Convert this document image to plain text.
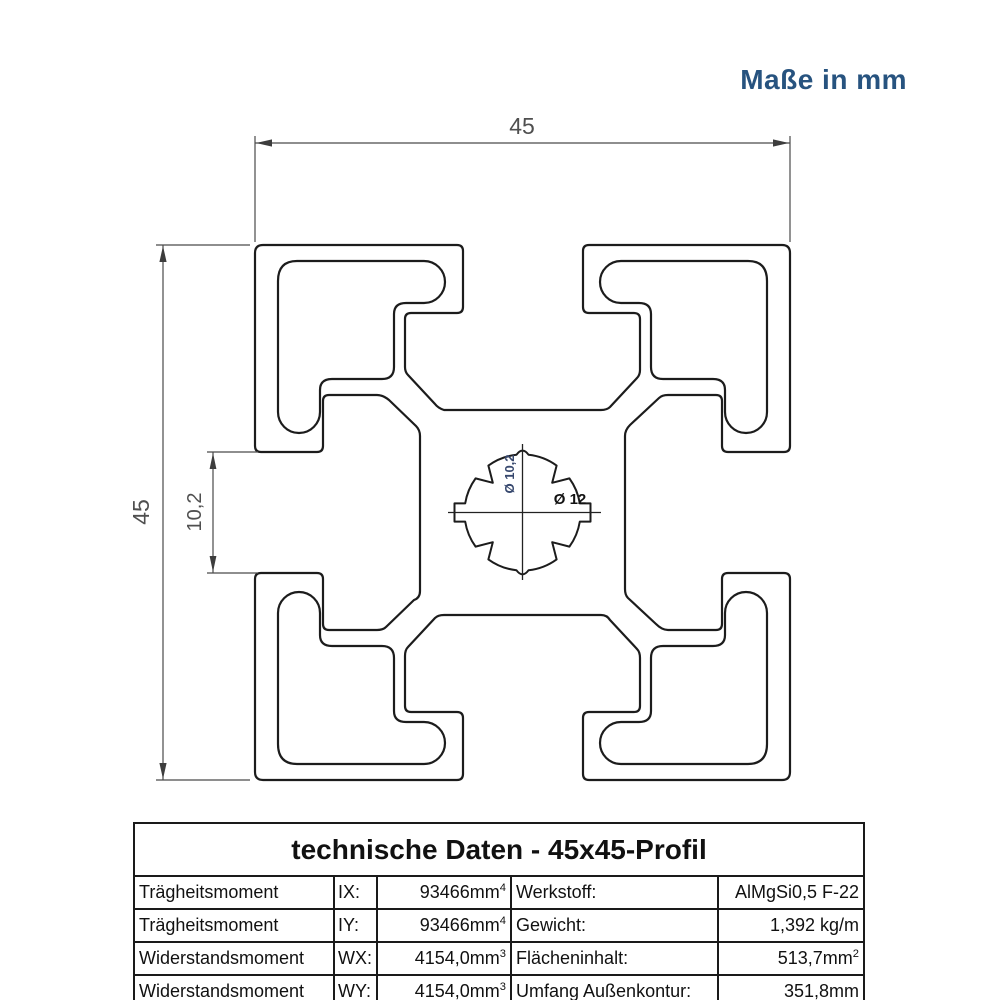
45
45 10,2
Ø 10,2
Ø 12
Maße in mm
technische Daten - 45x45-Profil				
Trägheitsmoment	IX:	$93466mm^4$	Werkstoff:	AlMgSi0,5 F-22
Trägheitsmoment	IY:	$93466mm^4$	Gewicht:	1,392 kg/m
Widerstandsmoment	WX:	$4154,0mm^3$	Flächeninhalt:	$513,7mm^2$
Widerstandsmoment	WY:	$4154,0mm^3$	Umfang Außenkontur:	351,8mm
